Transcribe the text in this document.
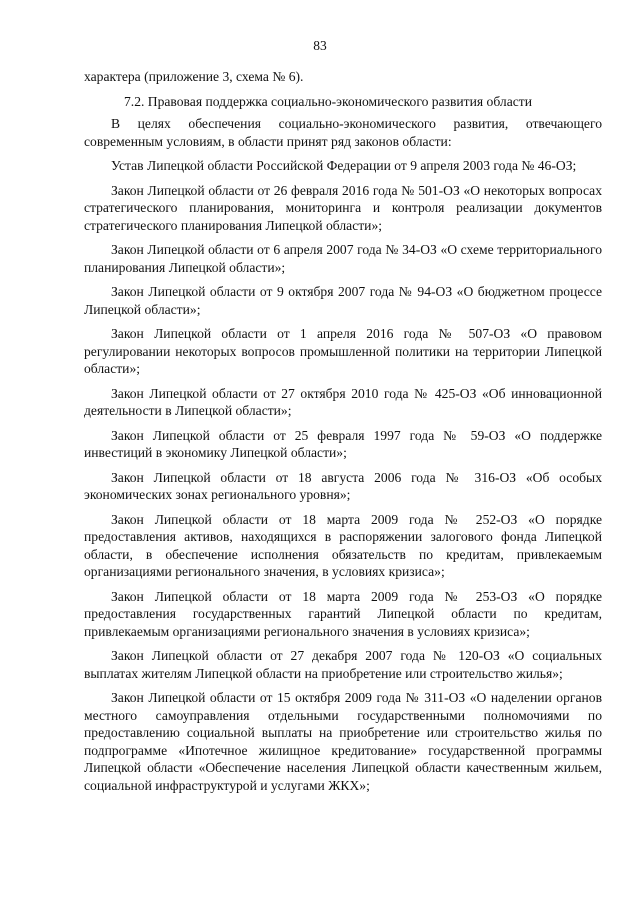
83

характера (приложение 3, схема № 6).

7.2. Правовая поддержка социально-экономического развития области

В целях обеспечения социально-экономического развития, отвечающего современным условиям, в области принят ряд законов области:

Устав Липецкой области Российской Федерации от 9 апреля 2003 года № 46-ОЗ;

Закон Липецкой области от 26 февраля 2016 года № 501-ОЗ «О некоторых вопросах стратегического планирования, мониторинга и контроля реализации документов стратегического планирования Липецкой области»;

Закон Липецкой области от 6 апреля 2007 года № 34-ОЗ «О схеме территориального планирования Липецкой области»;

Закон Липецкой области от 9 октября 2007 года № 94-ОЗ «О бюджетном процессе Липецкой области»;

Закон Липецкой области от 1 апреля 2016 года № 507-ОЗ «О правовом регулировании некоторых вопросов промышленной политики на территории Липецкой области»;

Закон Липецкой области от 27 октября 2010 года № 425-ОЗ «Об инновационной деятельности в Липецкой области»;

Закон Липецкой области от 25 февраля 1997 года № 59-ОЗ «О поддержке инвестиций в экономику Липецкой области»;

Закон Липецкой области от 18 августа 2006 года № 316-ОЗ «Об особых экономических зонах регионального уровня»;

Закон Липецкой области от 18 марта 2009 года № 252-ОЗ «О порядке предоставления активов, находящихся в распоряжении залогового фонда Липецкой области, в обеспечение исполнения обязательств по кредитам, привлекаемым организациями регионального значения, в условиях кризиса»;

Закон Липецкой области от 18 марта 2009 года № 253-ОЗ «О порядке предоставления государственных гарантий Липецкой области по кредитам, привлекаемым организациями регионального значения в условиях кризиса»;

Закон Липецкой области от 27 декабря 2007 года № 120-ОЗ «О социальных выплатах жителям Липецкой области на приобретение или строительство жилья»;

Закон Липецкой области от 15 октября 2009 года № 311-ОЗ «О наделении органов местного самоуправления отдельными государственными полномочиями по предоставлению социальной выплаты на приобретение или строительство жилья по подпрограмме «Ипотечное жилищное кредитование» государственной программы Липецкой области «Обеспечение населения Липецкой области качественным жильем, социальной инфраструктурой и услугами ЖКХ»;
